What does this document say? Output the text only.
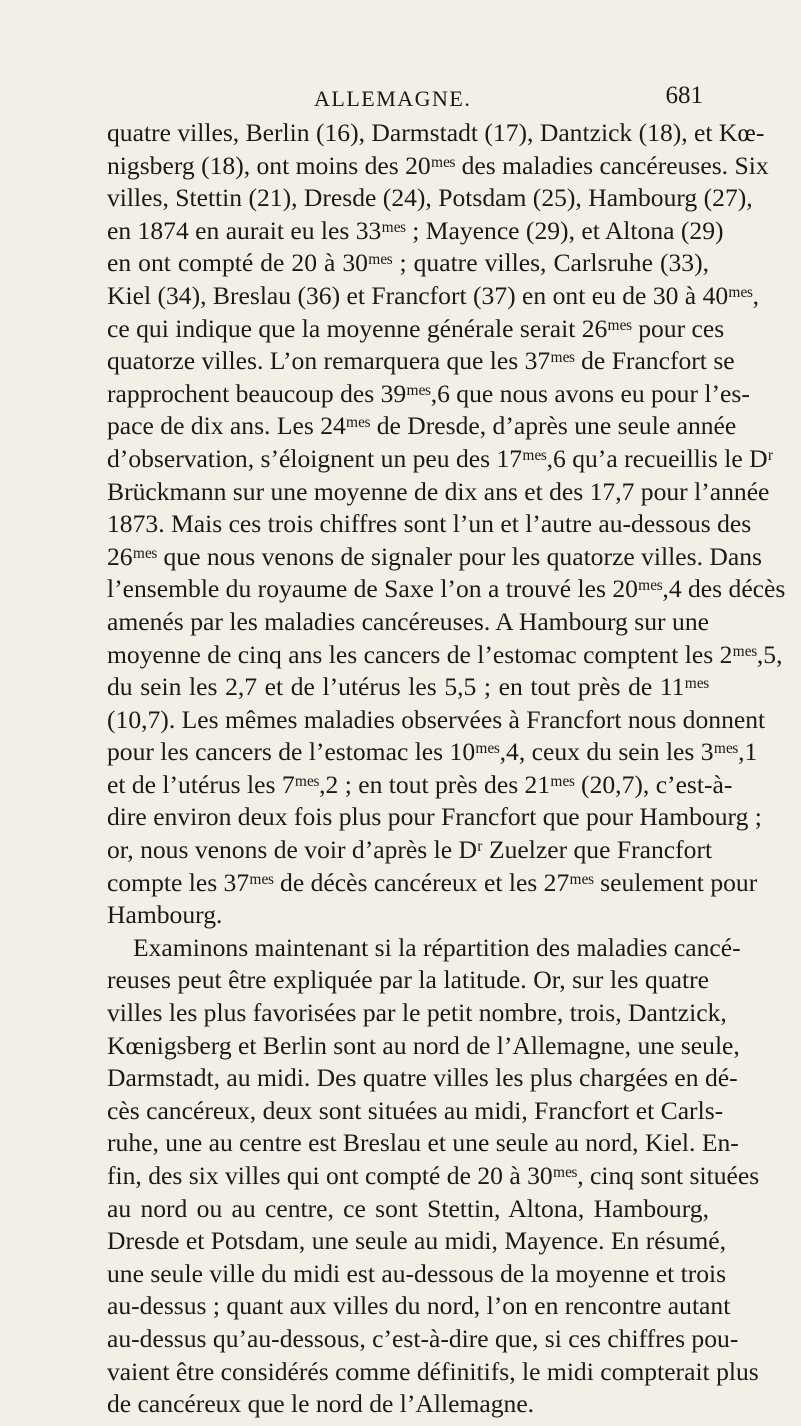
ALLEMAGNE.	681
quatre villes, Berlin (16), Darmstadt (17), Dantzick (18), et Kœ-
nigsberg (18), ont moins des 20ᵐᵉˢ des maladies cancéreuses. Six
villes, Stettin (21), Dresde (24), Potsdam (25), Hambourg (27),
en 1874 en aurait eu les 33ᵐᵉˢ ; Mayence (29), et Altona (29)
en ont compté de 20 à 30ᵐᵉˢ ; quatre villes, Carlsruhe (33),
Kiel (34), Breslau (36) et Francfort (37) en ont eu de 30 à 40ᵐᵉˢ,
ce qui indique que la moyenne générale serait 26ᵐᵉˢ pour ces
quatorze villes. L’on remarquera que les 37ᵐᵉˢ de Francfort se
rapprochent beaucoup des 39ᵐᵉˢ,6 que nous avons eu pour l’es-
pace de dix ans. Les 24ᵐᵉˢ de Dresde, d’après une seule année
d’observation, s’éloignent un peu des 17ᵐᵉˢ,6 qu’a recueillis le Dʳ
Brückmann sur une moyenne de dix ans et des 17,7 pour l’année
1873. Mais ces trois chiffres sont l’un et l’autre au-dessous des
26ᵐᵉˢ que nous venons de signaler pour les quatorze villes. Dans
l’ensemble du royaume de Saxe l’on a trouvé les 20ᵐᵉˢ,4 des décès
amenés par les maladies cancéreuses. A Hambourg sur une
moyenne de cinq ans les cancers de l’estomac comptent les 2ᵐᵉˢ,5,
du sein les 2,7 et de l’utérus les 5,5 ; en tout près de 11ᵐᵉˢ
(10,7). Les mêmes maladies observées à Francfort nous donnent
pour les cancers de l’estomac les 10ᵐᵉˢ,4, ceux du sein les 3ᵐᵉˢ,1
et de l’utérus les 7ᵐᵉˢ,2 ; en tout près des 21ᵐᵉˢ (20,7), c’est-à-
dire environ deux fois plus pour Francfort que pour Hambourg ;
or, nous venons de voir d’après le Dʳ Zuelzer que Francfort
compte les 37ᵐᵉˢ de décès cancéreux et les 27ᵐᵉˢ seulement pour
Hambourg.
Examinons maintenant si la répartition des maladies cancé-
reuses peut être expliquée par la latitude. Or, sur les quatre
villes les plus favorisées par le petit nombre, trois, Dantzick,
Kœnigsberg et Berlin sont au nord de l’Allemagne, une seule,
Darmstadt, au midi. Des quatre villes les plus chargées en dé-
cès cancéreux, deux sont situées au midi, Francfort et Carls-
ruhe, une au centre est Breslau et une seule au nord, Kiel. En-
fin, des six villes qui ont compté de 20 à 30ᵐᵉˢ, cinq sont situées
au nord ou au centre, ce sont Stettin, Altona, Hambourg,
Dresde et Potsdam, une seule au midi, Mayence. En résumé,
une seule ville du midi est au-dessous de la moyenne et trois
au-dessus ; quant aux villes du nord, l’on en rencontre autant
au-dessus qu’au-dessous, c’est-à-dire que, si ces chiffres pou-
vaient être considérés comme définitifs, le midi compterait plus
de cancéreux que le nord de l’Allemagne.
